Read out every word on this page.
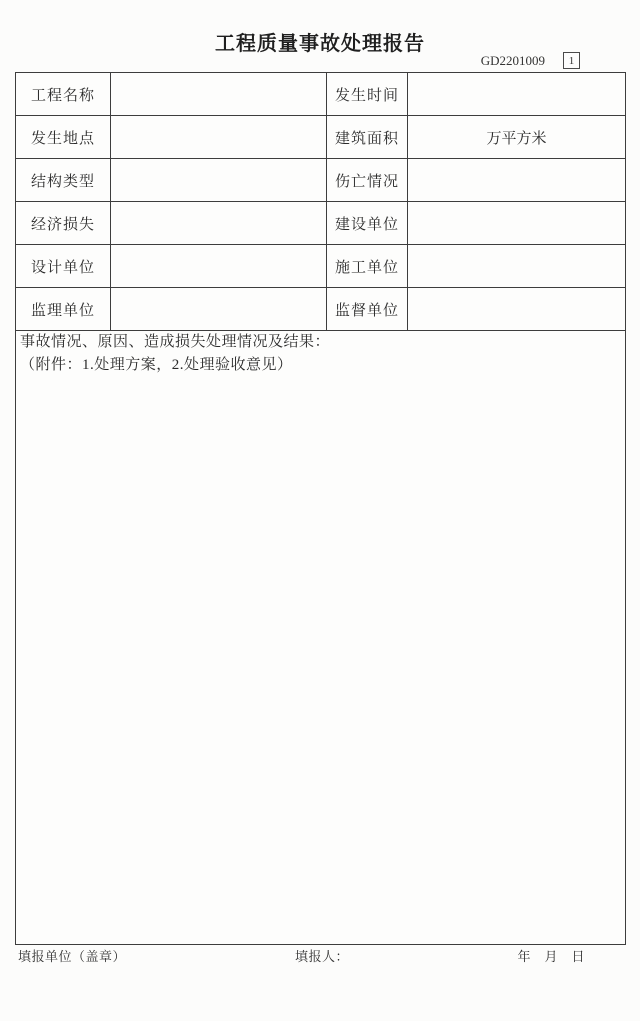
工程质量事故处理报告
GD2201009 1
工程名称		发生时间	
发生地点		建筑面积	万平方米
结构类型		伤亡情况	
经济损失		建设单位	
设计单位		施工单位	
监理单位		监督单位	

事故情况、原因、造成损失处理情况及结果：
（附件：1.处理方案，2.处理验收意见）			
填报单位（盖章）	填报人：	年　月　日
